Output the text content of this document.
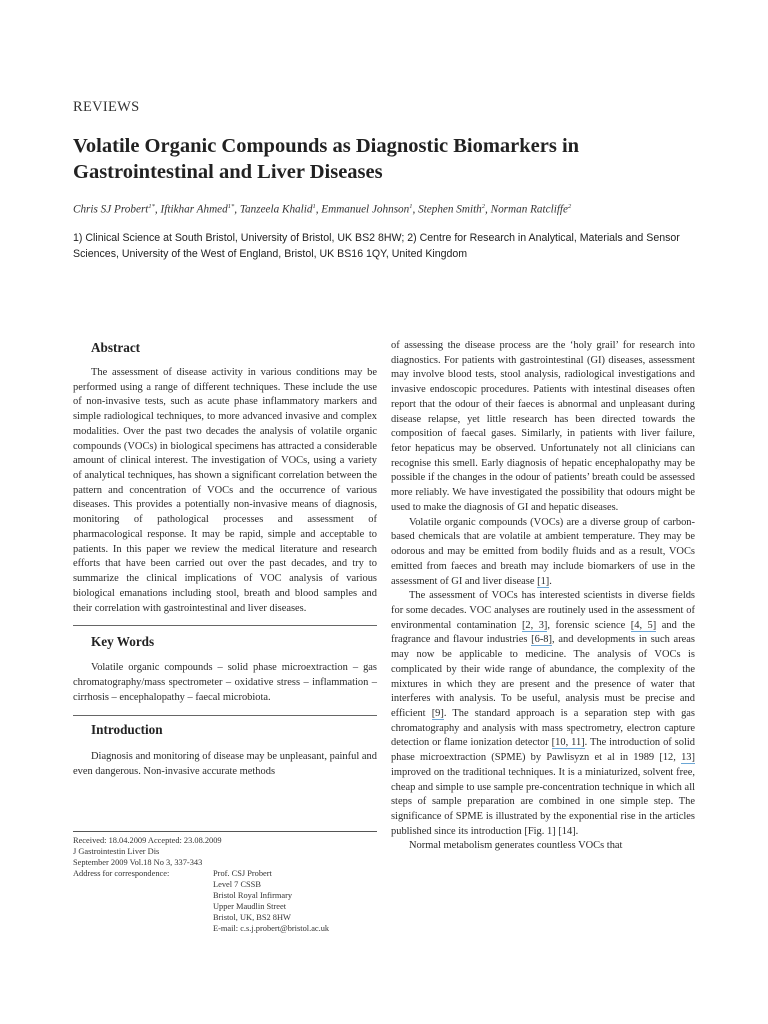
REVIEWS
Volatile Organic Compounds as Diagnostic Biomarkers in Gastrointestinal and Liver Diseases
Chris SJ Probert$^{1*}$, Iftikhar Ahmed$^{1*}$, Tanzeela Khalid$^1$, Emmanuel Johnson$^1$, Stephen Smith$^2$, Norman Ratcliffe$^2$
1) Clinical Science at South Bristol, University of Bristol, UK BS2 8HW; 2) Centre for Research in Analytical, Materials and Sensor Sciences, University of the West of England, Bristol, UK BS16 1QY, United Kingdom
Abstract

The assessment of disease activity in various conditions may be performed using a range of different techniques. These include the use of non-invasive tests, such as acute phase inflammatory markers and simple radiological techniques, to more advanced invasive and complex modalities. Over the past two decades the analysis of volatile organic compounds (VOCs) in biological specimens has attracted a considerable amount of clinical interest. The investigation of VOCs, using a variety of analytical techniques, has shown a significant correlation between the pattern and concentration of VOCs and the occurrence of various diseases. This provides a potentially non-invasive means of diagnosis, monitoring of pathological processes and assessment of pharmacological response. It may be rapid, simple and acceptable to patients. In this paper we review the medical literature and research efforts that have been carried out over the past decades, and try to summarize the clinical implications of VOC analysis of various biological emanations including stool, breath and blood samples and their correlation with gastrointestinal and liver diseases.

Key Words

Volatile organic compounds – solid phase microextraction – gas chromatography/mass spectrometer – oxidative stress – inflammation – cirrhosis – encephalopathy – faecal microbiota.

Introduction

Diagnosis and monitoring of disease may be unpleasant, painful and even dangerous. Non-invasive accurate methods

of assessing the disease process are the ‘holy grail’ for research into diagnostics. For patients with gastrointestinal (GI) diseases, assessment may involve blood tests, stool analysis, radiological investigations and invasive endoscopic procedures. Patients with intestinal diseases often report that the odour of their faeces is abnormal and unpleasant during disease relapse, yet little research has been directed towards the composition of faecal gases. Similarly, in patients with liver failure, fetor hepaticus may be observed. Unfortunately not all clinicians can recognise this smell. Early diagnosis of hepatic encephalopathy may be possible if the changes in the odour of patients’ breath could be assessed more reliably. We have investigated the possibility that odours might be used to make the diagnosis of GI and hepatic diseases.

Volatile organic compounds (VOCs) are a diverse group of carbon-based chemicals that are volatile at ambient temperature. They may be odorous and may be emitted from bodily fluids and as a result, VOCs emitted from faeces and breath may include biomarkers of use in the assessment of GI and liver disease [1].

The assessment of VOCs has interested scientists in diverse fields for some decades. VOC analyses are routinely used in the assessment of environmental contamination [2, 3], forensic science [4, 5] and the fragrance and flavour industries [6-8], and developments in such areas may now be applicable to medicine. The analysis of VOCs is complicated by their wide range of abundance, the complexity of the mixtures in which they are present and the presence of water that interferes with analysis. To be useful, analysis must be precise and efficient [9]. The standard approach is a separation step with gas chromatography and analysis with mass spectrometry, electron capture detection or flame ionization detector [10, 11]. The introduction of solid phase microextraction (SPME) by Pawlisyzn et al in 1989 [12, 13] improved on the traditional techniques. It is a miniaturized, solvent free, cheap and simple to use sample pre-concentration technique in which all steps of sample preparation are combined in one simple step. The significance of SPME is illustrated by the exponential rise in the articles published since its introduction [Fig. 1] [14].

Normal metabolism generates countless VOCs that

Received: 18.04.2009 Accepted: 23.08.2009
J Gastrointestin Liver Dis
September 2009 Vol.18 No 3, 337-343
Address for correspondence:	Prof. CSJ Probert
Level 7 CSSB
Bristol Royal Infirmary
Upper Maudlin Street
Bristol, UK, BS2 8HW
E-mail: c.s.j.probert@bristol.ac.uk
